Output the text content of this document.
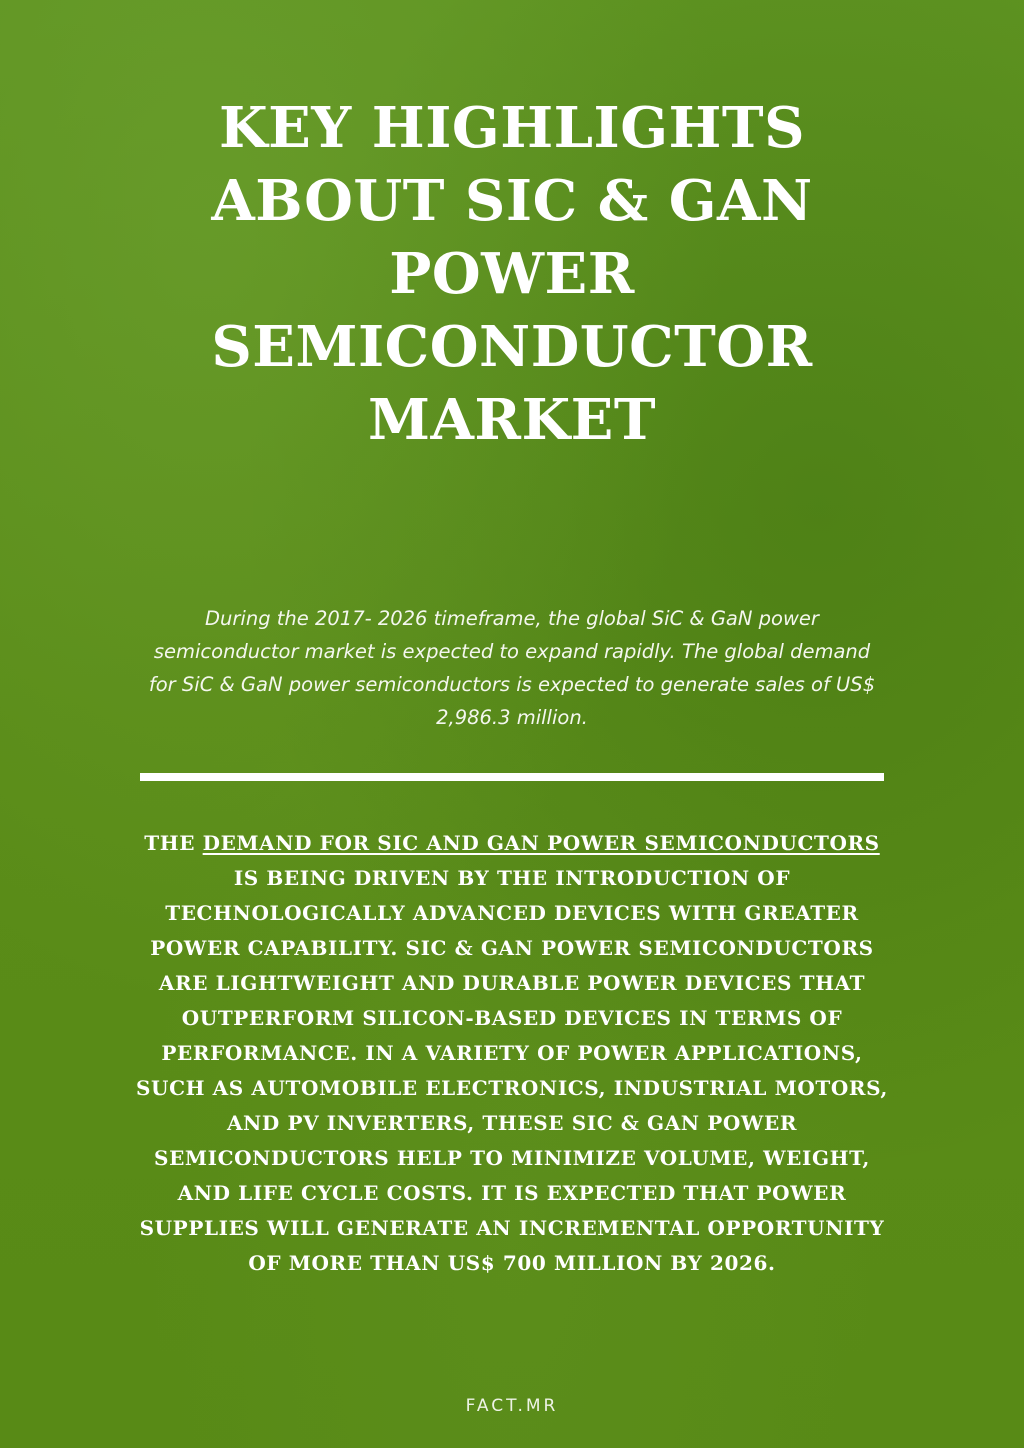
KEY HIGHLIGHTS
ABOUT SIC & GAN
POWER
SEMICONDUCTOR
MARKET

During the 2017- 2026 timeframe, the global SiC & GaN power semiconductor market is expected to expand rapidly. The global demand for SiC & GaN power semiconductors is expected to generate sales of US$ 2,986.3 million.

THE DEMAND FOR SIC AND GAN POWER SEMICONDUCTORS IS BEING DRIVEN BY THE INTRODUCTION OF TECHNOLOGICALLY ADVANCED DEVICES WITH GREATER POWER CAPABILITY. SIC & GAN POWER SEMICONDUCTORS ARE LIGHTWEIGHT AND DURABLE POWER DEVICES THAT OUTPERFORM SILICON-BASED DEVICES IN TERMS OF PERFORMANCE. IN A VARIETY OF POWER APPLICATIONS, SUCH AS AUTOMOBILE ELECTRONICS, INDUSTRIAL MOTORS, AND PV INVERTERS, THESE SIC & GAN POWER SEMICONDUCTORS HELP TO MINIMIZE VOLUME, WEIGHT, AND LIFE CYCLE COSTS. IT IS EXPECTED THAT POWER SUPPLIES WILL GENERATE AN INCREMENTAL OPPORTUNITY OF MORE THAN US$ 700 MILLION BY 2026.

FACT.MR
